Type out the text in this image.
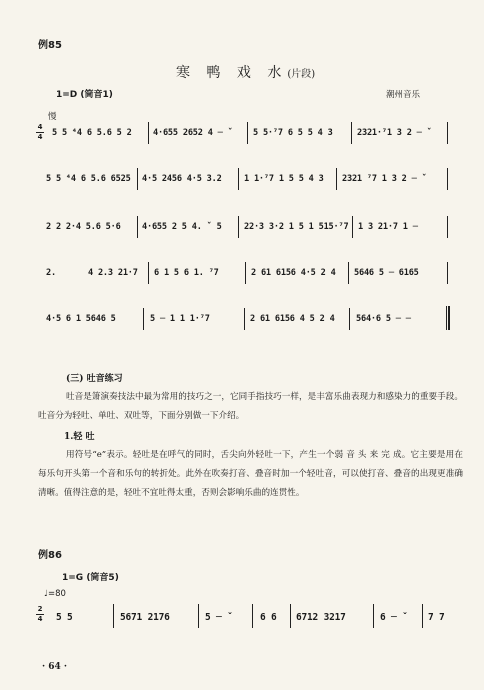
例85
寒 鸭 戏 水(片段)
1=D (筒音1)	潮州音乐
慢
4
4 5 5 ⁴4 6 5.6 5 2 4·655 2652 4 ─ ˇ 5 5·⁷7 6 5 5 4 3	2321·⁷1 3 2 ─ ˇ
5 5 ⁴4 6 5.6 6525 4·5 2456 4·5 3.2	1 1·⁷7 1 5 5 4 3 2321 ⁷7 1 3 2 ─ ˇ
2 2 2·4 5.6 5·6 4·655 2 5 4. ˇ 5	22·3 3·2 1 5 1 515·⁷7 1 3 21·7 1 ─
2.	4 2.3 21·7 6 1 5 6 1. ⁷7	2 61 6156 4·5 2 4 5646 5 ─ 6165
4·5 6 1 5646 5	5 ─ 1 1 1·⁷7	2 61 6156 4 5 2 4 564·6 5 ─ ─
(三) 吐音练习
吐音是箫演奏技法中最为常用的技巧之一，它同手指技巧一样，是丰富乐曲表现力和感染力的重要手段。吐音分为轻吐、单吐、双吐等，下面分别做一下介绍。
1.轻 吐
用符号“e”表示。轻吐是在呼气的同时，舌尖向外轻吐一下，产生一个弱 音 头 来 完 成。它主要是用在每乐句开头第一个音和乐句的转折处。此外在吹奏打音、叠音时加一个轻吐音，可以使打音、叠音的出现更准确清晰。值得注意的是，轻吐不宜吐得太重，否则会影响乐曲的连贯性。
例86
1=G (筒音5)
♩=80
2
4 5 5	5671 2176	5 ─ ˇ	6 6 6712 3217	6 ─ ˇ 7 7
· 64 ·
